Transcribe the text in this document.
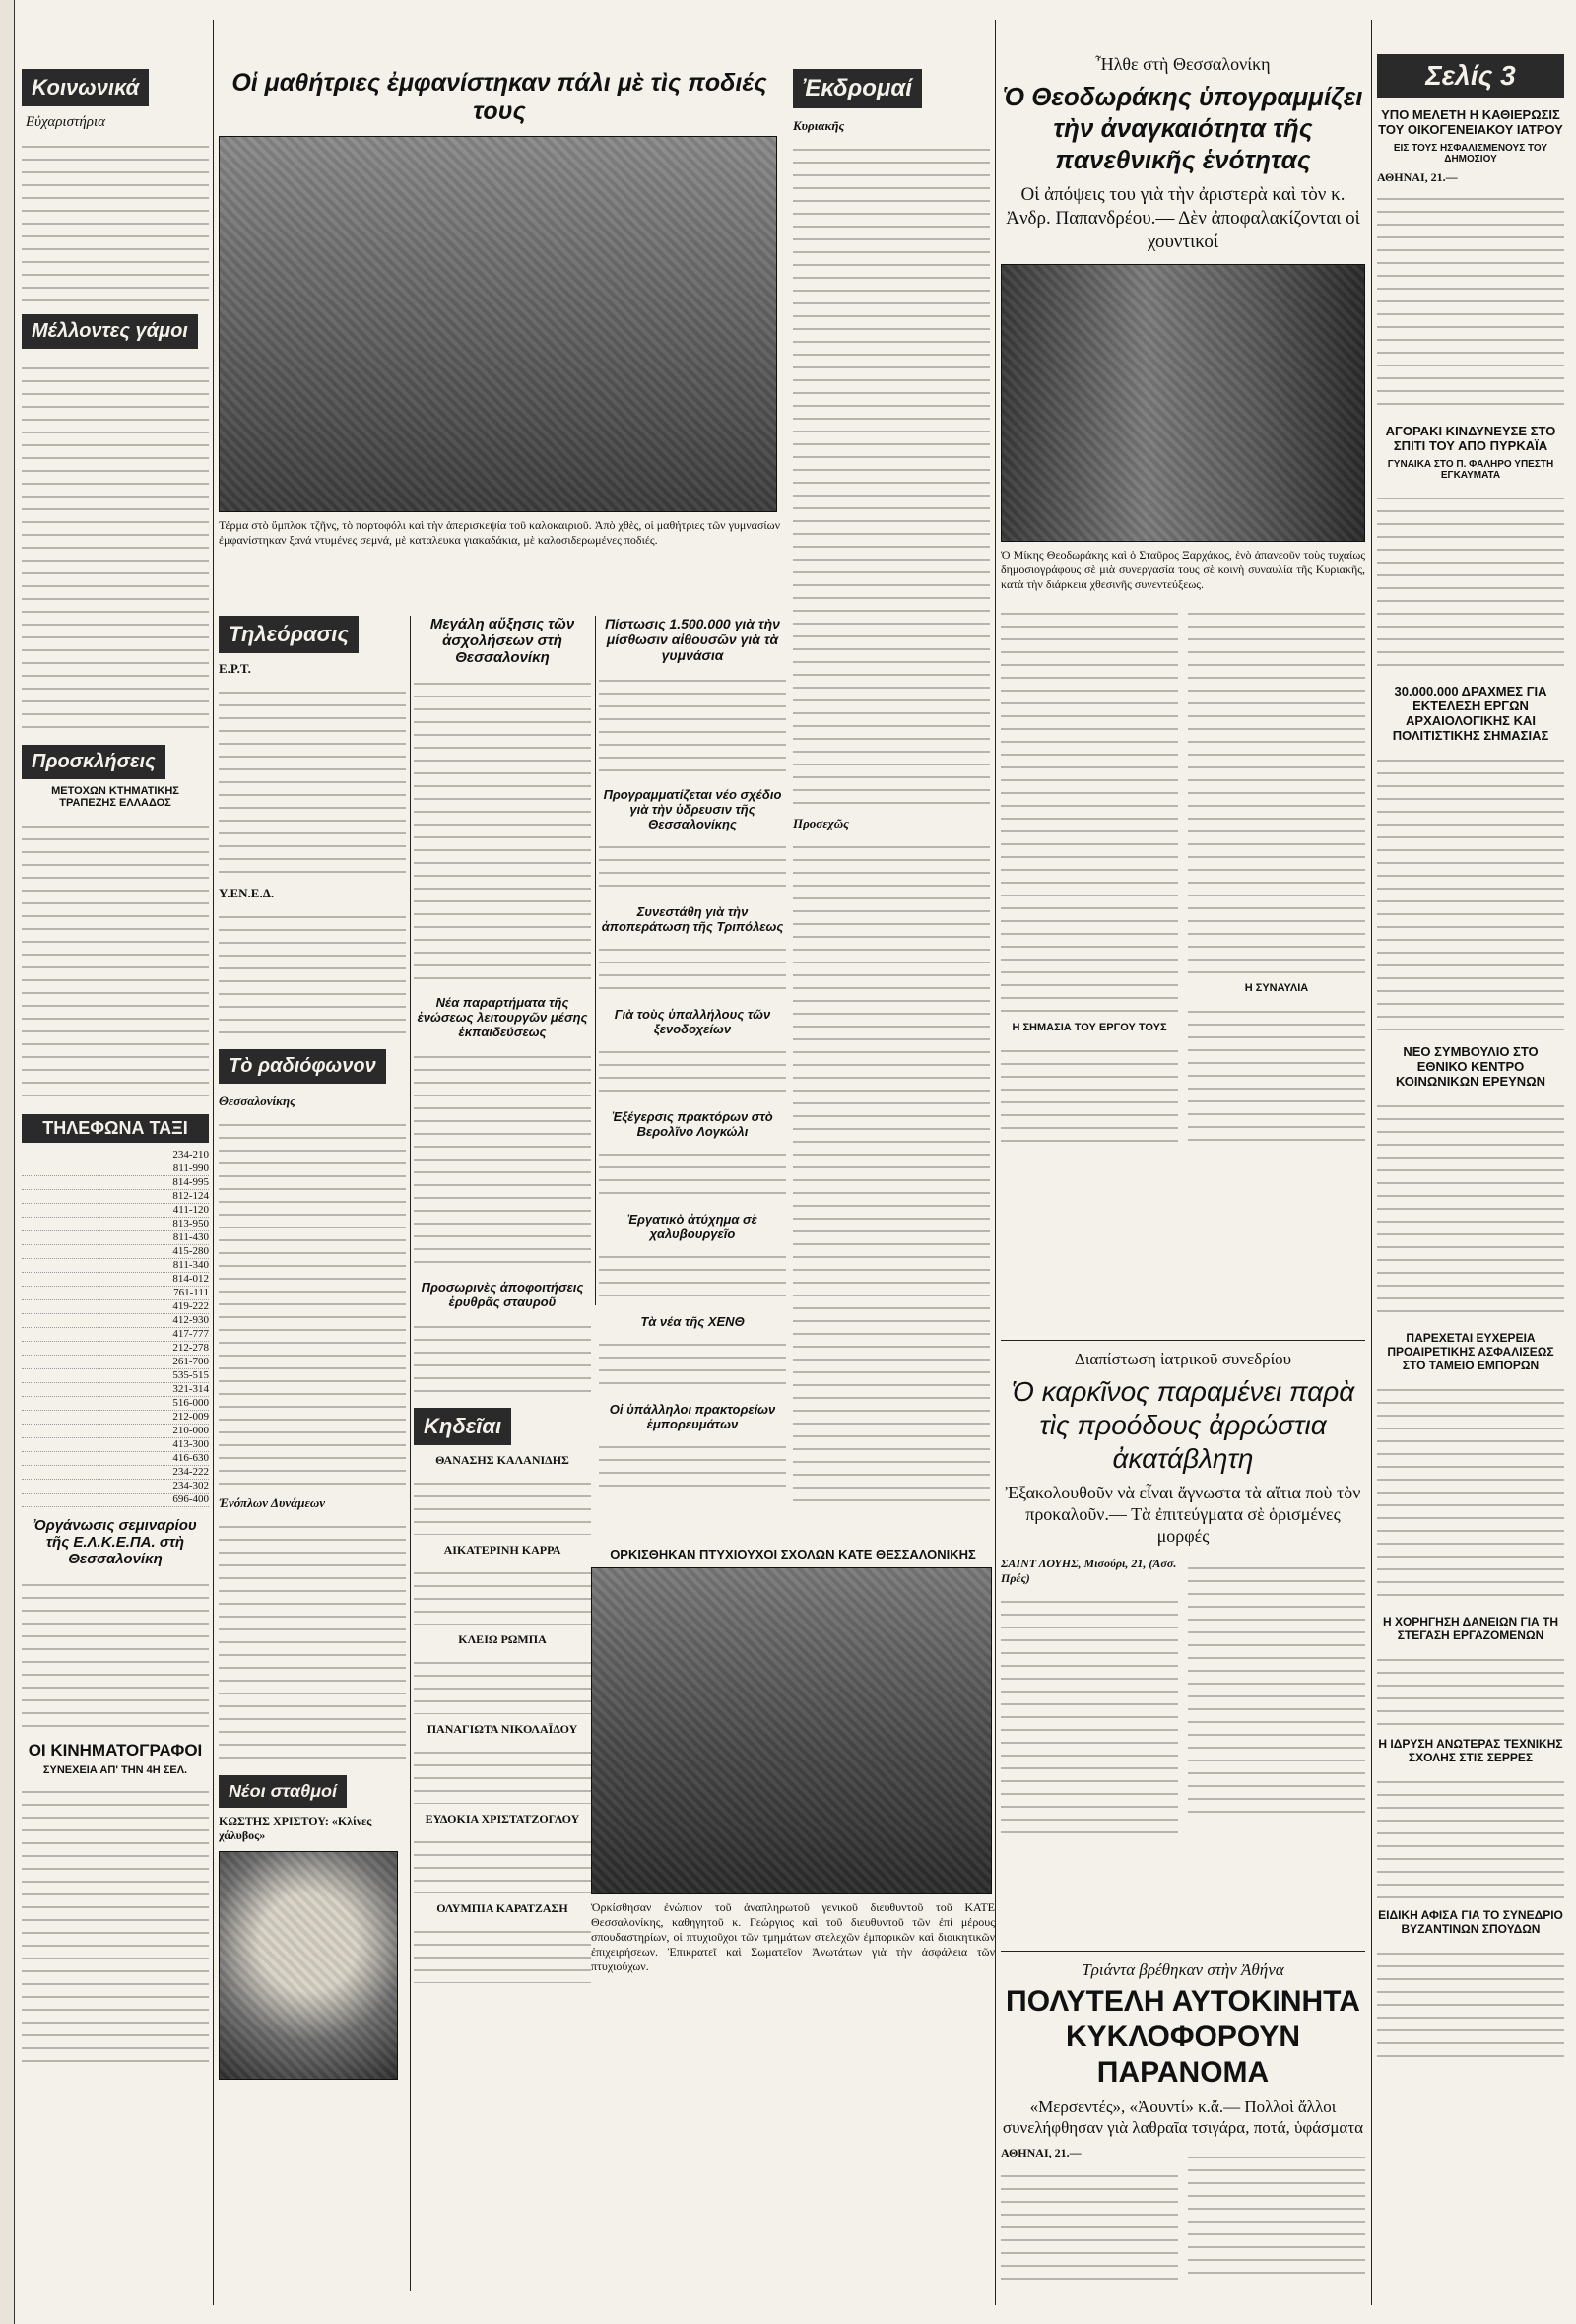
Κοινωνικά
Εὐχαριστήρια
Μέλλοντες γάμοι
Προσκλήσεις
ΜΕΤΟΧΩΝ ΚΤΗΜΑΤΙΚΗΣ ΤΡΑΠΕΖΗΣ ΕΛΛΑΔΟΣ
ΤΗΛΕΦΩΝΑ ΤΑΞΙ
234-210
811-990
814-995
812-124
411-120
813-950
811-430
415-280
811-340
814-012
761-111
419-222
412-930
417-777
212-278
261-700
535-515
321-314
516-000
212-009
210-000
413-300
416-630
234-222
234-302
696-400
Ὀργάνωσις σεμιναρίου τῆς Ε.Λ.Κ.Ε.ΠΑ. στὴ Θεσσαλονίκη
ΟΙ ΚΙΝΗΜΑΤΟΓΡΑΦΟΙ
ΣΥΝΕΧΕΙΑ ΑΠ' ΤΗΝ 4Η ΣΕΛ.
Οἱ μαθήτριες ἐμφανίστηκαν πάλι μὲ τὶς ποδιές τους
Τέρμα στὸ ὕμπλοκ τζῆνς, τὸ πορτοφόλι καὶ τὴν ἀπερισκεψία τοῦ καλοκαιριοῦ. Ἀπὸ χθὲς, οἱ μαθήτριες τῶν γυμνασίων ἐμφανίστηκαν ξανά ντυμένες σεμνά, μὲ καταλευκα γιακαδάκια, μὲ καλοσιδερωμένες ποδιές.
Τηλεόρασις
Ε.Ρ.Τ.
Υ.ΕΝ.Ε.Δ.
Τὸ ραδιόφωνον
Θεσσαλονίκης
Ἐνόπλων Δυνάμεων
Νέοι σταθμοί
ΚΩΣΤΗΣ ΧΡΙΣΤΟΥ: «Κλίνες χάλυβος»
Μεγάλη αὔξησις τῶν ἀσχολήσεων στὴ Θεσσαλονίκη
Νέα παραρτήματα τῆς ἐνώσεως λειτουργῶν μέσης ἐκπαιδεύσεως
Προσωρινὲς ἀποφοιτήσεις ἐρυθρᾶς σταυροῦ
Κηδεῖαι
ΘΑΝΑΣΗΣ ΚΑΛΑΝΙΔΗΣ
ΑΙΚΑΤΕΡΙΝΗ ΚΑΡΡΑ
ΚΛΕΙΩ ΡΩΜΠΑ
ΠΑΝΑΓΙΩΤΑ ΝΙΚΟΛΑΪΔΟΥ
ΕΥΔΟΚΙΑ ΧΡΙΣΤΑΤΖΟΓΛΟΥ
ΟΛΥΜΠΙΑ ΚΑΡΑΤΖΑΣΗ
Πίστωσις 1.500.000 γιὰ τὴν μίσθωσιν αἰθουσῶν γιὰ τὰ γυμνάσια
Προγραμματίζεται νέο σχέδιο γιὰ τὴν ὑδρευσιν τῆς Θεσσαλονίκης
Συνεστάθη γιὰ τὴν ἀποπεράτωση τῆς Τριπόλεως
Γιὰ τοὺς ὑπαλλήλους τῶν ξενοδοχείων
Ἐξέγερσις πρακτόρων στὸ Βερολῖνο Λογκώλι
Ἐργατικὸ ἀτύχημα σὲ χαλυβουργεῖο
Τὰ νέα τῆς ΧΕΝΘ
Οἱ ὑπάλληλοι πρακτορείων ἐμπορευμάτων
ΟΡΚΙΣΘΗΚΑΝ ΠΤΥΧΙΟΥΧΟΙ ΣΧΟΛΩΝ ΚΑΤΕ ΘΕΣΣΑΛΟΝΙΚΗΣ
Ὁρκίσθησαν ἐνώπιον τοῦ ἀναπληρωτοῦ γενικοῦ διευθυντοῦ τοῦ ΚΑΤΕ Θεσσαλονίκης, καθηγητοῦ κ. Γεώργιος καὶ τοῦ διευθυντοῦ τῶν ἐπί μέρους σπουδαστηρίων, οἱ πτυχιοῦχοι τῶν τμημάτων στελεχῶν ἐμπορικῶν καὶ διοικητικῶν ἐπιχειρήσεων. Ἐπικρατεῖ καὶ Σωματεῖον Ἀνωτάτων γιὰ τὴν ἀσφάλεια τῶν πτυχιούχων.
Ἐκδρομαί
Κυριακῆς
Προσεχῶς
Ἦλθε στὴ Θεσσαλονίκη
Ὁ Θεοδωράκης ὑπογραμμίζει τὴν ἀναγκαιότητα τῆς πανεθνικῆς ἑνότητας
Οἱ ἀπόψεις του γιὰ τὴν ἀριστερὰ καὶ τὸν κ. Ἀνδρ. Παπανδρέου.— Δὲν ἀποφαλακίζονται οἱ χουντικοί
Ὁ Μίκης Θεοδωράκης καὶ ὁ Σταῦρος Ξαρχάκος, ἑνὸ ἀπανεοῦν τοὺς τυχαίως δημοσιογράφους σὲ μιὰ συνεργασία τους σὲ κοινὴ συναυλία τῆς Κυριακῆς, κατὰ τὴν διάρκεια χθεσινῆς συνεντεύξεως.
Η ΣΗΜΑΣΙΑ ΤΟΥ ΕΡΓΟΥ ΤΟΥΣ
Η ΣΥΝΑΥΛΙΑ
Διαπίστωση ἰατρικοῦ συνεδρίου
Ὁ καρκῖνος παραμένει παρὰ τὶς προόδους ἀρρώστια ἀκατάβλητη
Ἐξακολουθοῦν νὰ εἶναι ἄγνωστα τὰ αἴτια ποὺ τὸν προκαλοῦν.— Τὰ ἐπιτεύγματα σὲ ὁρισμένες μορφές
ΣΑΙΝΤ ΛΟΥΗΣ, Μισούρι, 21, (Ἀσσ. Πρές)
Τριάντα βρέθηκαν στὴν Ἀθήνα
ΠΟΛΥΤΕΛΗ ΑΥΤΟΚΙΝΗΤΑ ΚΥΚΛΟΦΟΡΟΥΝ ΠΑΡΑΝΟΜΑ
«Μερσεντές», «Ἀουντί» κ.ἄ.— Πολλοὶ ἄλλοι συνελήφθησαν γιὰ λαθραῖα τσιγάρα, ποτά, ὑφάσματα
ΑΘΗΝΑΙ, 21.—
Σελίς 3
ΥΠΟ ΜΕΛΕΤΗ Η ΚΑΘΙΕΡΩΣΙΣ ΤΟΥ ΟΙΚΟΓΕΝΕΙΑΚΟΥ ΙΑΤΡΟΥ
ΕΙΣ ΤΟΥΣ ΗΣΦΑΛΙΣΜΕΝΟΥΣ ΤΟΥ ΔΗΜΟΣΙΟΥ
ΑΘΗΝΑΙ, 21.—
ΑΓΟΡΑΚΙ ΚΙΝΔΥΝΕΥΣΕ ΣΤΟ ΣΠΙΤΙ ΤΟΥ ΑΠΟ ΠΥΡΚΑΪΑ
ΓΥΝΑΙΚΑ ΣΤΟ Π. ΦΑΛΗΡΟ ΥΠΕΣΤΗ ΕΓΚΑΥΜΑΤΑ
30.000.000 ΔΡΑΧΜΕΣ ΓΙΑ ΕΚΤΕΛΕΣΗ ΕΡΓΩΝ ΑΡΧΑΙΟΛΟΓΙΚΗΣ ΚΑΙ ΠΟΛΙΤΙΣΤΙΚΗΣ ΣΗΜΑΣΙΑΣ
ΝΕΟ ΣΥΜΒΟΥΛΙΟ ΣΤΟ ΕΘΝΙΚΟ ΚΕΝΤΡΟ ΚΟΙΝΩΝΙΚΩΝ ΕΡΕΥΝΩΝ
ΠΑΡΕΧΕΤΑΙ ΕΥΧΕΡΕΙΑ ΠΡΟΑΙΡΕΤΙΚΗΣ ΑΣΦΑΛΙΣΕΩΣ ΣΤΟ ΤΑΜΕΙΟ ΕΜΠΟΡΩΝ
Η ΧΟΡΗΓΗΣΗ ΔΑΝΕΙΩΝ ΓΙΑ ΤΗ ΣΤΕΓΑΣΗ ΕΡΓΑΖΟΜΕΝΩΝ
Η ΙΔΡΥΣΗ ΑΝΩΤΕΡΑΣ ΤΕΧΝΙΚΗΣ ΣΧΟΛΗΣ ΣΤΙΣ ΣΕΡΡΕΣ
ΕΙΔΙΚΗ ΑΦΙΣΑ ΓΙΑ ΤΟ ΣΥΝΕΔΡΙΟ ΒΥΖΑΝΤΙΝΩΝ ΣΠΟΥΔΩΝ
